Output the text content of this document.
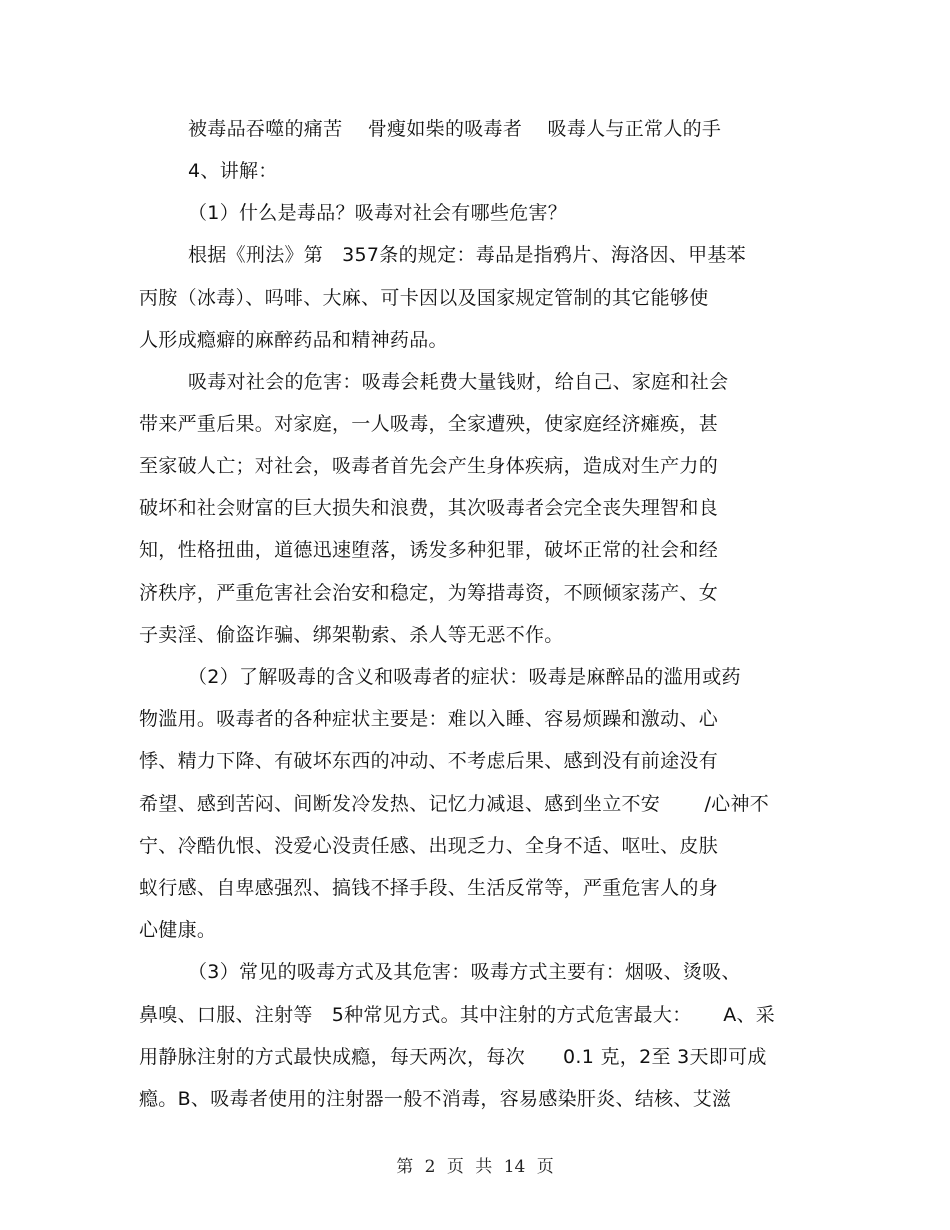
被毒品吞噬的痛苦    骨瘦如柴的吸毒者    吸毒人与正常人的手
4、讲解：
（1）什么是毒品？吸毒对社会有哪些危害？
根据《刑法》第   357条的规定：毒品是指鸦片、海洛因、甲基苯
丙胺（冰毒）、吗啡、大麻、可卡因以及国家规定管制的其它能够使
人形成瘾癖的麻醉药品和精神药品。
吸毒对社会的危害：吸毒会耗费大量钱财，给自己、家庭和社会
带来严重后果。对家庭，一人吸毒，全家遭殃，使家庭经济瘫痪，甚
至家破人亡；对社会，吸毒者首先会产生身体疾病，造成对生产力的
破坏和社会财富的巨大损失和浪费，其次吸毒者会完全丧失理智和良
知，性格扭曲，道德迅速堕落，诱发多种犯罪，破坏正常的社会和经
济秩序，严重危害社会治安和稳定，为筹措毒资，不顾倾家荡产、女
子卖淫、偷盗诈骗、绑架勒索、杀人等无恶不作。
（2）了解吸毒的含义和吸毒者的症状：吸毒是麻醉品的滥用或药
物滥用。吸毒者的各种症状主要是：难以入睡、容易烦躁和激动、心
悸、精力下降、有破坏东西的冲动、不考虑后果、感到没有前途没有
希望、感到苦闷、间断发冷发热、记忆力减退、感到坐立不安       /心神不
宁、冷酷仇恨、没爱心没责任感、出现乏力、全身不适、呕吐、皮肤
蚁行感、自卑感强烈、搞钱不择手段、生活反常等，严重危害人的身
心健康。
（3）常见的吸毒方式及其危害：吸毒方式主要有：烟吸、烫吸、
鼻嗅、口服、注射等   5种常见方式。其中注射的方式危害最大：     A、采
用静脉注射的方式最快成瘾，每天两次，每次      0.1 克，2至 3天即可成
瘾。B、吸毒者使用的注射器一般不消毒，容易感染肝炎、结核、艾滋
第 2 页 共 14 页
